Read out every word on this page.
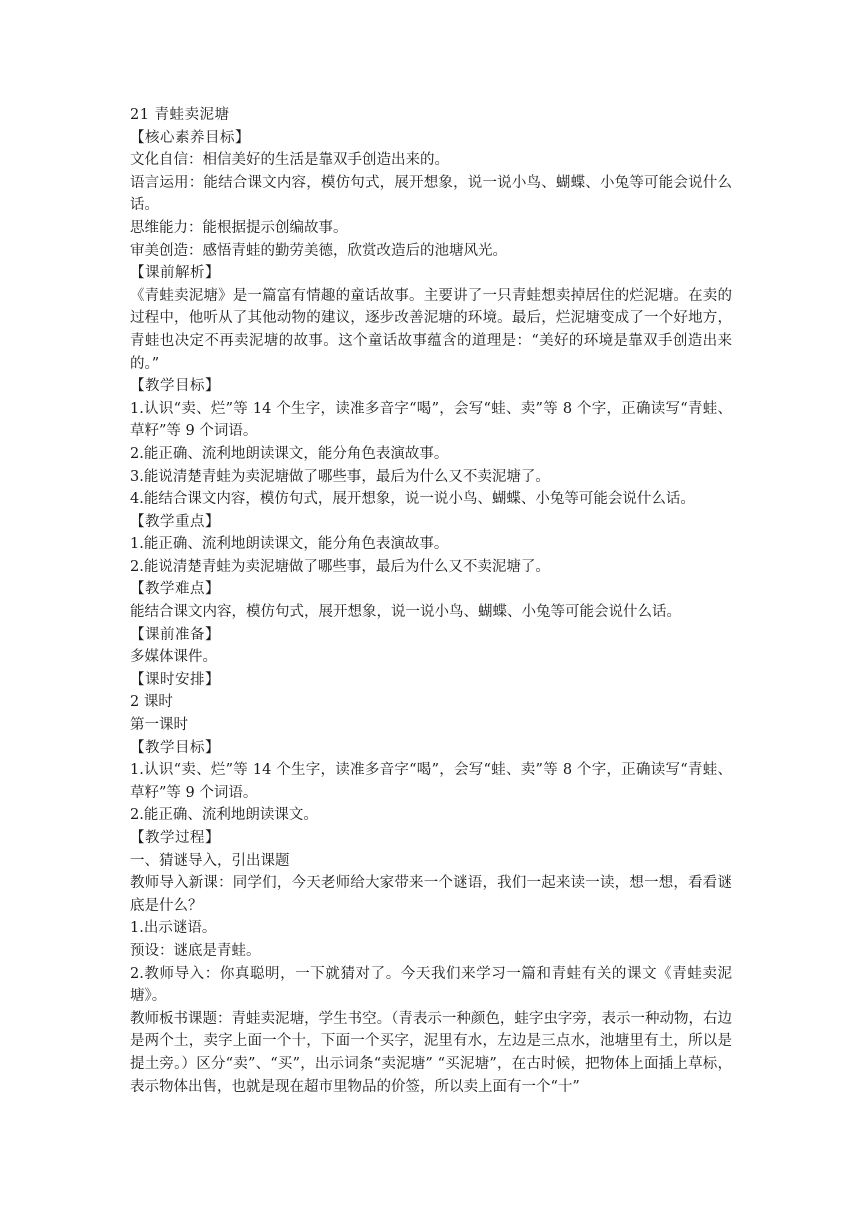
21 青蛙卖泥塘

【核心素养目标】

文化自信：相信美好的生活是靠双手创造出来的。

语言运用：能结合课文内容，模仿句式，展开想象，说一说小鸟、蝴蝶、小兔等可能会说什么话。

思维能力：能根据提示创编故事。

审美创造：感悟青蛙的勤劳美德，欣赏改造后的池塘风光。

【课前解析】

《青蛙卖泥塘》是一篇富有情趣的童话故事。主要讲了一只青蛙想卖掉居住的烂泥塘。在卖的过程中，他听从了其他动物的建议，逐步改善泥塘的环境。最后，烂泥塘变成了一个好地方，青蛙也决定不再卖泥塘的故事。这个童话故事蕴含的道理是：“美好的环境是靠双手创造出来的。”

【教学目标】

1.认识“卖、烂”等 14 个生字，读准多音字“喝”，会写“蛙、卖”等 8 个字，正确读写“青蛙、草籽”等 9 个词语。

2.能正确、流利地朗读课文，能分角色表演故事。

3.能说清楚青蛙为卖泥塘做了哪些事，最后为什么又不卖泥塘了。

4.能结合课文内容，模仿句式，展开想象，说一说小鸟、蝴蝶、小兔等可能会说什么话。

【教学重点】

1.能正确、流利地朗读课文，能分角色表演故事。

2.能说清楚青蛙为卖泥塘做了哪些事，最后为什么又不卖泥塘了。

【教学难点】

能结合课文内容，模仿句式，展开想象，说一说小鸟、蝴蝶、小兔等可能会说什么话。

【课前准备】

多媒体课件。

【课时安排】

2 课时

第一课时

【教学目标】

1.认识“卖、烂”等 14 个生字，读准多音字“喝”，会写“蛙、卖”等 8 个字，正确读写“青蛙、草籽”等 9 个词语。

2.能正确、流利地朗读课文。

【教学过程】

一、猜谜导入，引出课题

教师导入新课：同学们，今天老师给大家带来一个谜语，我们一起来读一读，想一想，看看谜底是什么？

1.出示谜语。

预设：谜底是青蛙。

2.教师导入：你真聪明，一下就猜对了。今天我们来学习一篇和青蛙有关的课文《青蛙卖泥塘》。

教师板书课题：青蛙卖泥塘，学生书空。（青表示一种颜色，蛙字虫字旁，表示一种动物，右边是两个土，卖字上面一个十，下面一个买字，泥里有水，左边是三点水，池塘里有土，所以是提土旁。）区分“卖”、“买”，出示词条“卖泥塘” “买泥塘”，在古时候，把物体上面插上草标，表示物体出售，也就是现在超市里物品的价签，所以卖上面有一个“十”
